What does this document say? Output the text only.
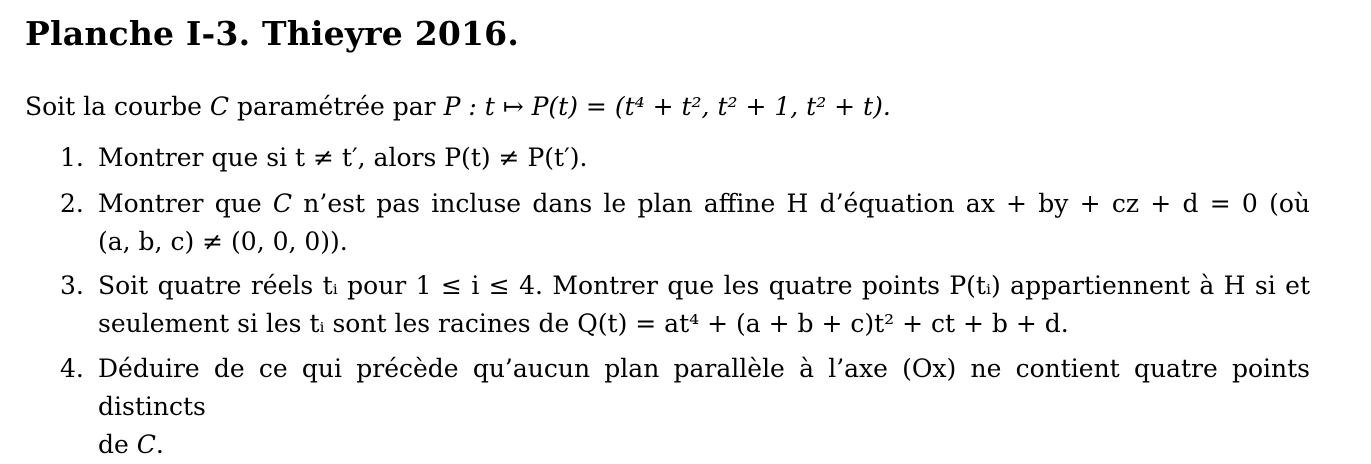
Planche I-3. Thieyre 2016.
Soit la courbe C paramétrée par P : t ↦ P(t) = (t⁴ + t², t² + 1, t² + t).
1. Montrer que si t ≠ t′, alors P(t) ≠ P(t′).
2. Montrer que C n’est pas incluse dans le plan affine H d’équation ax + by + cz + d = 0 (où
(a, b, c) ≠ (0, 0, 0)).
3. Soit quatre réels tᵢ pour 1 ≤ i ≤ 4. Montrer que les quatre points P(tᵢ) appartiennent à H si et
seulement si les tᵢ sont les racines de Q(t) = at⁴ + (a + b + c)t² + ct + b + d.
4. Déduire de ce qui précède qu’aucun plan parallèle à l’axe (Ox) ne contient quatre points distincts
de C.
